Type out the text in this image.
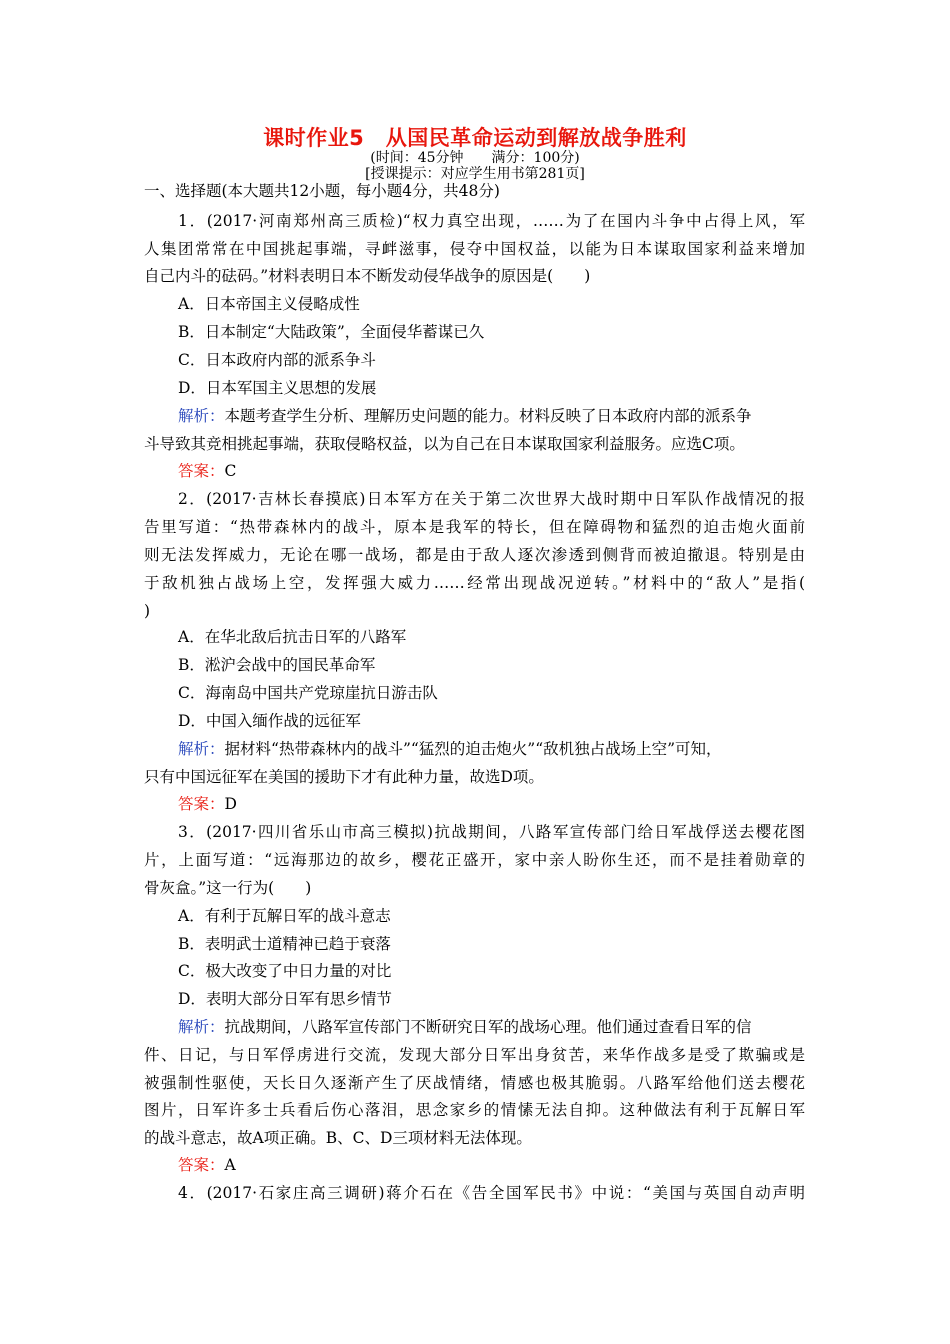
课时作业5　从国民革命运动到解放战争胜利
(时间：45分钟　　满分：100分)
[授课提示：对应学生用书第281页]
一、选择题(本大题共12小题，每小题4分，共48分)
1．(2017·河南郑州高三质检)“权力真空出现，……为了在国内斗争中占得上风，军
人集团常常在中国挑起事端，寻衅滋事，侵夺中国权益，以能为日本谋取国家利益来增加
自己内斗的砝码。”材料表明日本不断发动侵华战争的原因是(　　)
A．日本帝国主义侵略成性
B．日本制定“大陆政策”，全面侵华蓄谋已久
C．日本政府内部的派系争斗
D．日本军国主义思想的发展
解析：本题考查学生分析、理解历史问题的能力。材料反映了日本政府内部的派系争
斗导致其竞相挑起事端，获取侵略权益，以为自己在日本谋取国家利益服务。应选C项。
答案：C
2．(2017·吉林长春摸底)日本军方在关于第二次世界大战时期中日军队作战情况的报
告里写道：“热带森林内的战斗，原本是我军的特长，但在障碍物和猛烈的迫击炮火面前
则无法发挥威力，无论在哪一战场，都是由于敌人逐次渗透到侧背而被迫撤退。特别是由
于敌机独占战场上空，发挥强大威力……经常出现战况逆转。”材料中的“敌人”是指(
)
A．在华北敌后抗击日军的八路军
B．淞沪会战中的国民革命军
C．海南岛中国共产党琼崖抗日游击队
D．中国入缅作战的远征军
解析：据材料“热带森林内的战斗”“猛烈的迫击炮火”“敌机独占战场上空”可知，
只有中国远征军在美国的援助下才有此种力量，故选D项。
答案：D
3．(2017·四川省乐山市高三模拟)抗战期间，八路军宣传部门给日军战俘送去樱花图
片，上面写道：“远海那边的故乡，樱花正盛开，家中亲人盼你生还，而不是挂着勋章的
骨灰盒。”这一行为(　　)
A．有利于瓦解日军的战斗意志
B．表明武士道精神已趋于衰落
C．极大改变了中日力量的对比
D．表明大部分日军有思乡情节
解析：抗战期间，八路军宣传部门不断研究日军的战场心理。他们通过查看日军的信
件、日记，与日军俘虏进行交流，发现大部分日军出身贫苦，来华作战多是受了欺骗或是
被强制性驱使，天长日久逐渐产生了厌战情绪，情感也极其脆弱。八路军给他们送去樱花
图片，日军许多士兵看后伤心落泪，思念家乡的情愫无法自抑。这种做法有利于瓦解日军
的战斗意志，故A项正确。B、C、D三项材料无法体现。
答案：A
4．(2017·石家庄高三调研)蒋介石在《告全国军民书》中说：“美国与英国自动声明
